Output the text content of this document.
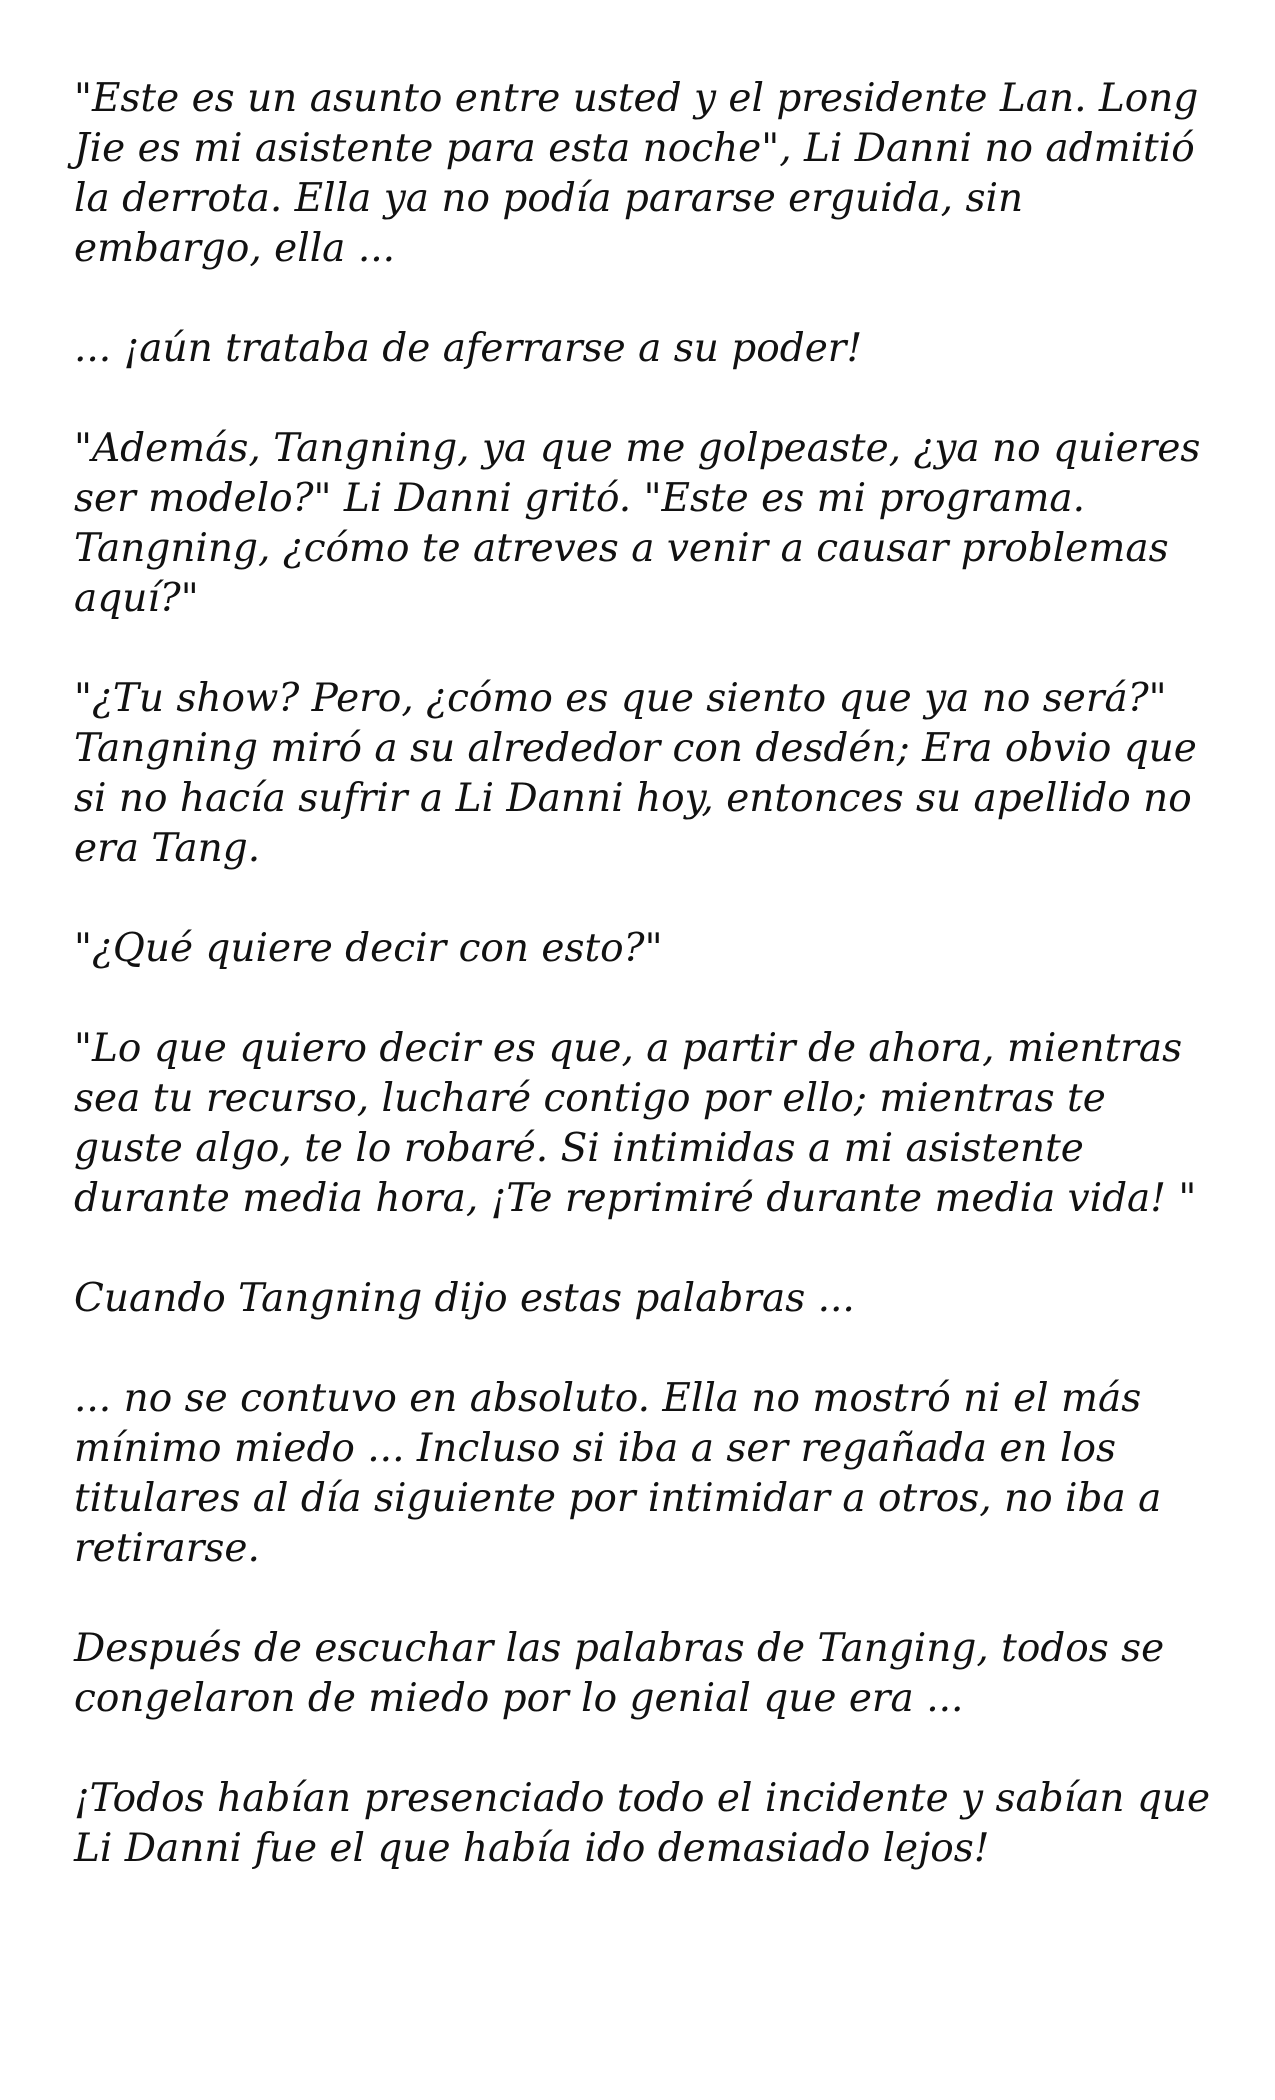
"Este es un asunto entre usted y el presidente Lan. Long Jie es mi asistente para esta noche", Li Danni no admitió la derrota. Ella ya no podía pararse erguida, sin embargo, ella ...

... ¡aún trataba de aferrarse a su poder!

"Además, Tangning, ya que me golpeaste, ¿ya no quieres ser modelo?" Li Danni gritó. "Este es mi programa. Tangning, ¿cómo te atreves a venir a causar problemas aquí?"

"¿Tu show? Pero, ¿cómo es que siento que ya no será?" Tangning miró a su alrededor con desdén; Era obvio que si no hacía sufrir a Li Danni hoy, entonces su apellido no era Tang.

"¿Qué quiere decir con esto?"

"Lo que quiero decir es que, a partir de ahora, mientras sea tu recurso, lucharé contigo por ello; mientras te guste algo, te lo robaré. Si intimidas a mi asistente durante media hora, ¡Te reprimiré durante media vida! "

Cuando Tangning dijo estas palabras ...

... no se contuvo en absoluto. Ella no mostró ni el más mínimo miedo ... Incluso si iba a ser regañada en los titulares al día siguiente por intimidar a otros, no iba a retirarse.

Después de escuchar las palabras de Tanging, todos se congelaron de miedo por lo genial que era ...

¡Todos habían presenciado todo el incidente y sabían que Li Danni fue el que había ido demasiado lejos!
